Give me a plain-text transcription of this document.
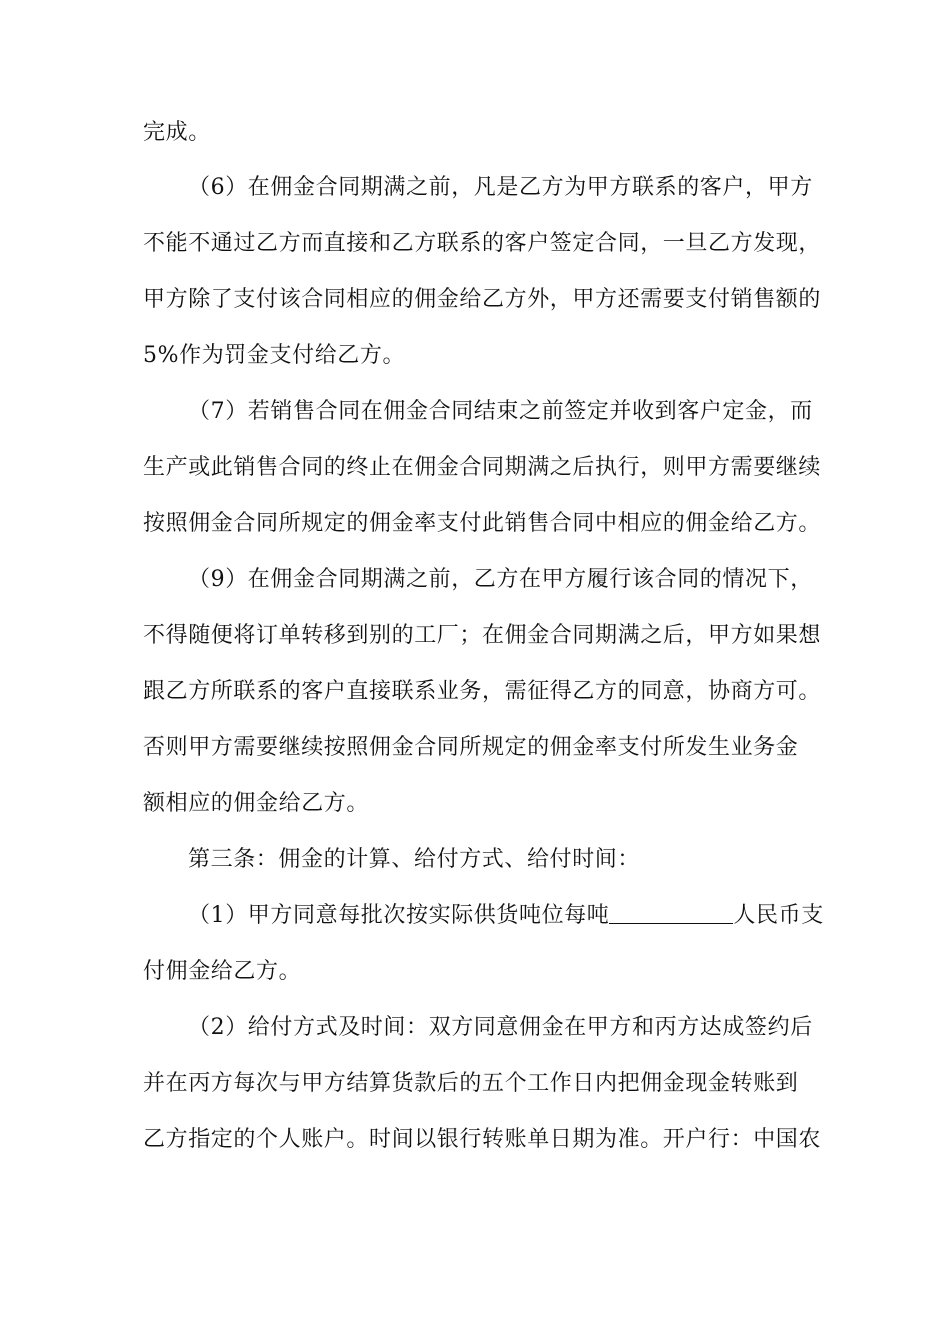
完成。
（6）在佣金合同期满之前，凡是乙方为甲方联系的客户，甲方
不能不通过乙方而直接和乙方联系的客户签定合同，一旦乙方发现，
甲方除了支付该合同相应的佣金给乙方外，甲方还需要支付销售额的
5%作为罚金支付给乙方。
（7）若销售合同在佣金合同结束之前签定并收到客户定金，而
生产或此销售合同的终止在佣金合同期满之后执行，则甲方需要继续
按照佣金合同所规定的佣金率支付此销售合同中相应的佣金给乙方。
（9）在佣金合同期满之前，乙方在甲方履行该合同的情况下，
不得随便将订单转移到别的工厂；在佣金合同期满之后，甲方如果想
跟乙方所联系的客户直接联系业务，需征得乙方的同意，协商方可。
否则甲方需要继续按照佣金合同所规定的佣金率支付所发生业务金
额相应的佣金给乙方。
第三条：佣金的计算、给付方式、给付时间：
（1）甲方同意每批次按实际供货吨位每吨	人民币支
付佣金给乙方。
（2）给付方式及时间：双方同意佣金在甲方和丙方达成签约后
并在丙方每次与甲方结算货款后的五个工作日内把佣金现金转账到
乙方指定的个人账户。时间以银行转账单日期为准。开户行：中国农
